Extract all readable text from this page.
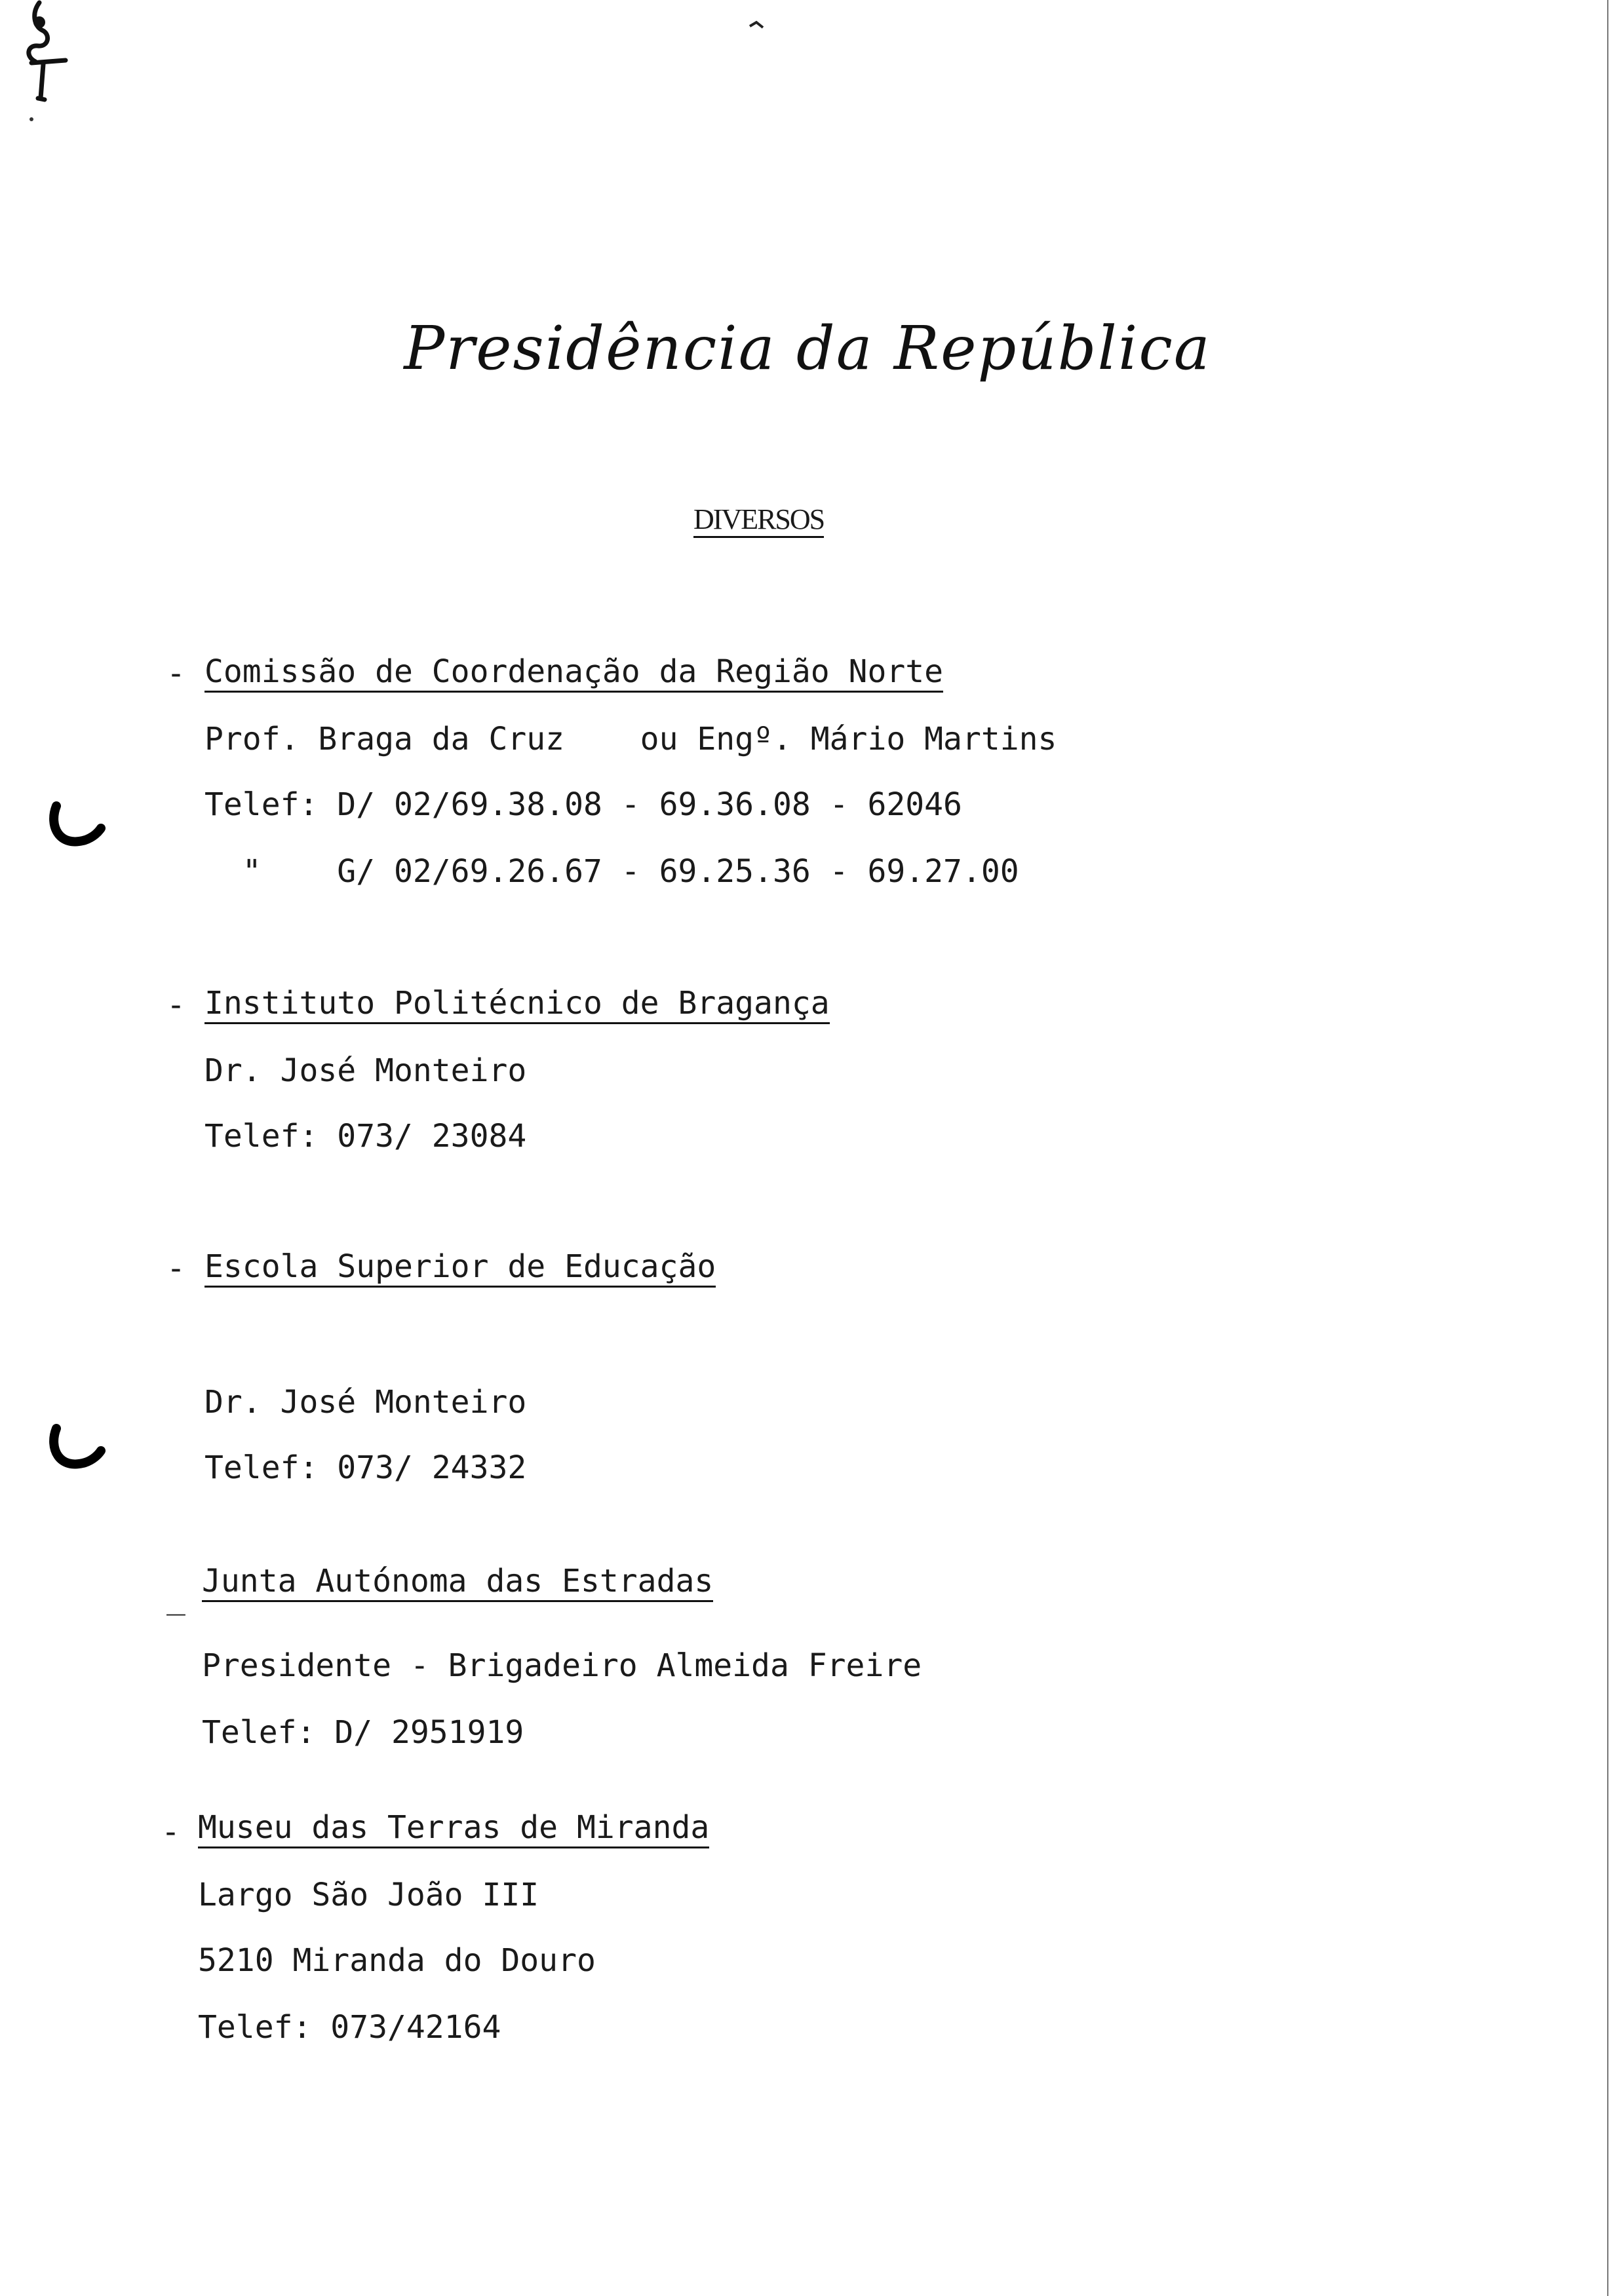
Presidência da República
DIVERSOS
- Comissão de Coordenação da Região Norte
Prof. Braga da Cruz    ou Engº. Mário Martins
Telef: D/ 02/69.38.08 - 69.36.08 - 62046
"    G/ 02/69.26.67 - 69.25.36 - 69.27.00
- Instituto Politécnico de Bragança
Dr. José Monteiro
Telef: 073/ 23084
- Escola Superior de Educação
Dr. José Monteiro
Telef: 073/ 24332
_ Junta Autónoma das Estradas
Presidente - Brigadeiro Almeida Freire
Telef: D/ 2951919
- Museu das Terras de Miranda
Largo São João III
5210 Miranda do Douro
Telef: 073/42164
